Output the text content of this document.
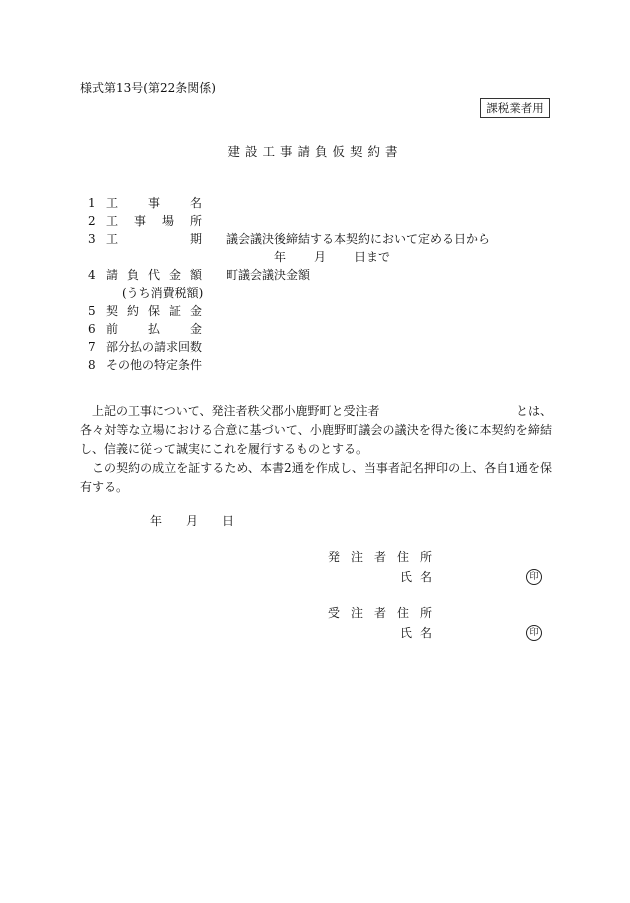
様式第13号(第22条関係)
課税業者用
建設工事請負仮契約書
1 工 事 名
2 工 事 場 所
3 工	期 議会議決後締結する本契約において定める日から
年 月 日まで
4 請 負 代 金 額 町議会議決金額
(うち消費税額)
5 契 約 保 証 金
6 前 払 金
7 部分払の請求回数
8 その他の特定条件

上記の工事について、発注者秩父郡小鹿野町と受注者	とは、

各々対等な立場における合意に基づいて、小鹿野町議会の議決を得た後に本契約を締結し、信義に従って誠実にこれを履行するものとする。

この契約の成立を証するため、本書2通を作成し、当事者記名押印の上、各自1通を保有する。

年 月 日
発 注 者 住 所
氏 名	印
受 注 者 住 所
氏 名	印
